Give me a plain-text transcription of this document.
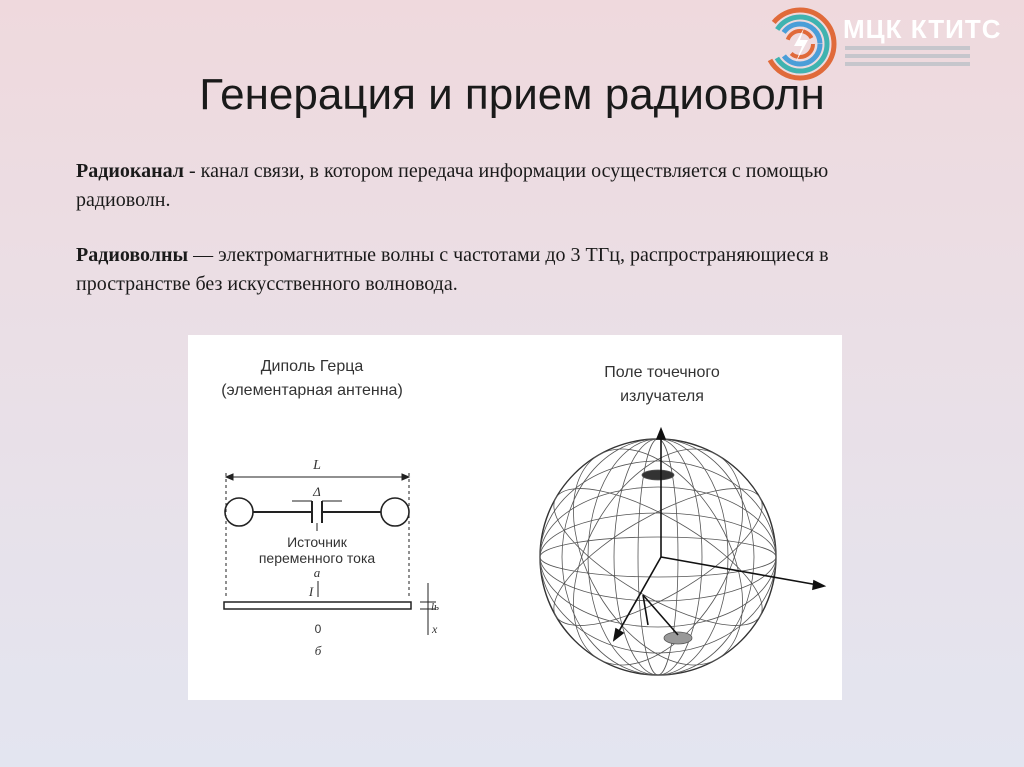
МЦК КТИТС
Генерация и прием радиоволн
Радиоканал - канал связи, в котором передача информации осуществляется с помощью радиоволн.
Радиоволны — электромагнитные волны с частотами до 3 ТГц, распространяющиеся в пространстве без искусственного волновода.
Диполь Герца
(элементарная антенна)
L
Δ
Источник
переменного тока
а
I
0
б
lь
x
Поле точечного
излучателя
